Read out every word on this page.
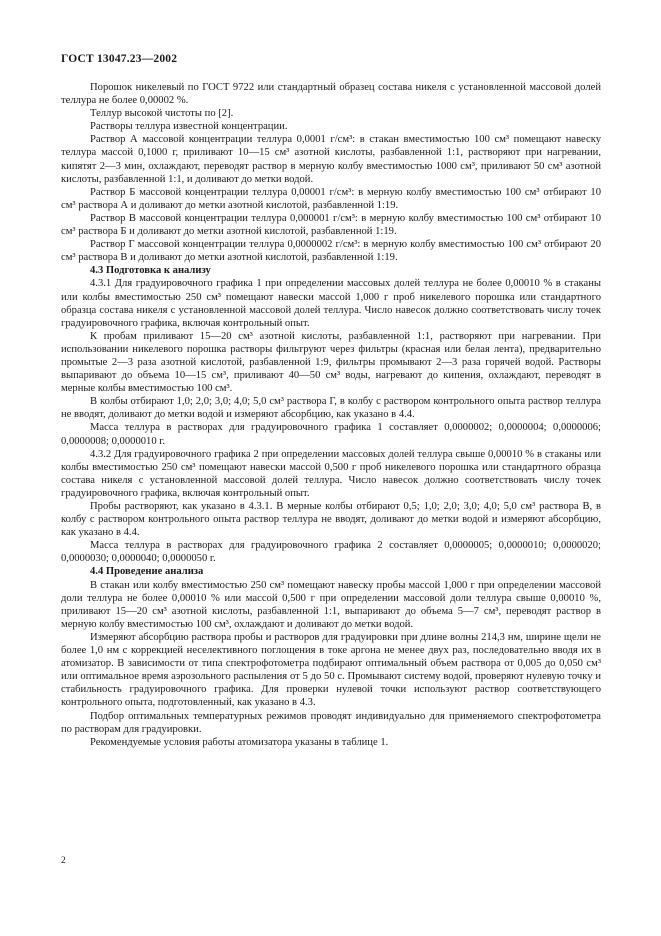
ГОСТ 13047.23—2002

Порошок никелевый по ГОСТ 9722 или стандартный образец состава никеля с установленной массовой долей теллура не более 0,00002 %.

Теллур высокой чистоты по [2].

Растворы теллура известной концентрации.

Раствор А массовой концентрации теллура 0,0001 г/см³: в стакан вместимостью 100 см³ помещают навеску теллура массой 0,1000 г, приливают 10—15 см³ азотной кислоты, разбавленной 1:1, растворяют при нагревании, кипятят 2—3 мин, охлаждают, переводят раствор в мерную колбу вместимостью 1000 см³, приливают 50 см³ азотной кислоты, разбавленной 1:1, и доливают до метки водой.

Раствор Б массовой концентрации теллура 0,00001 г/см³: в мерную колбу вместимостью 100 см³ отбирают 10 см³ раствора А и доливают до метки азотной кислотой, разбавленной 1:19.

Раствор В массовой концентрации теллура 0,000001 г/см³: в мерную колбу вместимостью 100 см³ отбирают 10 см³ раствора Б и доливают до метки азотной кислотой, разбавленной 1:19.

Раствор Г массовой концентрации теллура 0,0000002 г/см³: в мерную колбу вместимостью 100 см³ отбирают 20 см³ раствора В и доливают до метки азотной кислотой, разбавленной 1:19.

4.3 Подготовка к анализу

4.3.1 Для градуировочного графика 1 при определении массовых долей теллура не более 0,00010 % в стаканы или колбы вместимостью 250 см³ помещают навески массой 1,000 г проб никелевого порошка или стандартного образца состава никеля с установленной массовой долей теллура. Число навесок должно соответствовать числу точек градуировочного графика, включая контрольный опыт.

К пробам приливают 15—20 см³ азотной кислоты, разбавленной 1:1, растворяют при нагревании. При использовании никелевого порошка растворы фильтруют через фильтры (красная или белая лента), предварительно промытые 2—3 раза азотной кислотой, разбавленной 1:9, фильтры промывают 2—3 раза горячей водой. Растворы выпаривают до объема 10—15 см³, приливают 40—50 см³ воды, нагревают до кипения, охлаждают, переводят в мерные колбы вместимостью 100 см³.

В колбы отбирают 1,0; 2,0; 3,0; 4,0; 5,0 см³ раствора Г, в колбу с раствором контрольного опыта раствор теллура не вводят, доливают до метки водой и измеряют абсорбцию, как указано в 4.4.

Масса теллура в растворах для градуировочного графика 1 составляет 0,0000002; 0,0000004; 0,0000006; 0,0000008; 0,0000010 г.

4.3.2 Для градуировочного графика 2 при определении массовых долей теллура свыше 0,00010 % в стаканы или колбы вместимостью 250 см³ помещают навески массой 0,500 г проб никелевого порошка или стандартного образца состава никеля с установленной массовой долей теллура. Число навесок должно соответствовать числу точек градуировочного графика, включая контрольный опыт.

Пробы растворяют, как указано в 4.3.1. В мерные колбы отбирают 0,5; 1,0; 2,0; 3,0; 4,0; 5,0 см³ раствора В, в колбу с раствором контрольного опыта раствор теллура не вводят, доливают до метки водой и измеряют абсорбцию, как указано в 4.4.

Масса теллура в растворах для градуировочного графика 2 составляет 0,0000005; 0,0000010; 0,0000020; 0,0000030; 0,0000040; 0,0000050 г.

4.4 Проведение анализа

В стакан или колбу вместимостью 250 см³ помещают навеску пробы массой 1,000 г при определении массовой доли теллура не более 0,00010 % или массой 0,500 г при определении массовой доли теллура свыше 0,00010 %, приливают 15—20 см³ азотной кислоты, разбавленной 1:1, выпаривают до объема 5—7 см³, переводят раствор в мерную колбу вместимостью 100 см³, охлаждают и доливают до метки водой.

Измеряют абсорбцию раствора пробы и растворов для градуировки при длине волны 214,3 нм, ширине щели не более 1,0 нм с коррекцией неселективного поглощения в токе аргона не менее двух раз, последовательно вводя их в атомизатор. В зависимости от типа спектрофотометра подбирают оптимальный объем раствора от 0,005 до 0,050 см³ или оптимальное время аэрозольного распыления от 5 до 50 с. Промывают систему водой, проверяют нулевую точку и стабильность градуировочного графика. Для проверки нулевой точки используют раствор соответствующего контрольного опыта, подготовленный, как указано в 4.3.

Подбор оптимальных температурных режимов проводят индивидуально для применяемого спектрофотометра по растворам для градуировки.

Рекомендуемые условия работы атомизатора указаны в таблице 1.

2
